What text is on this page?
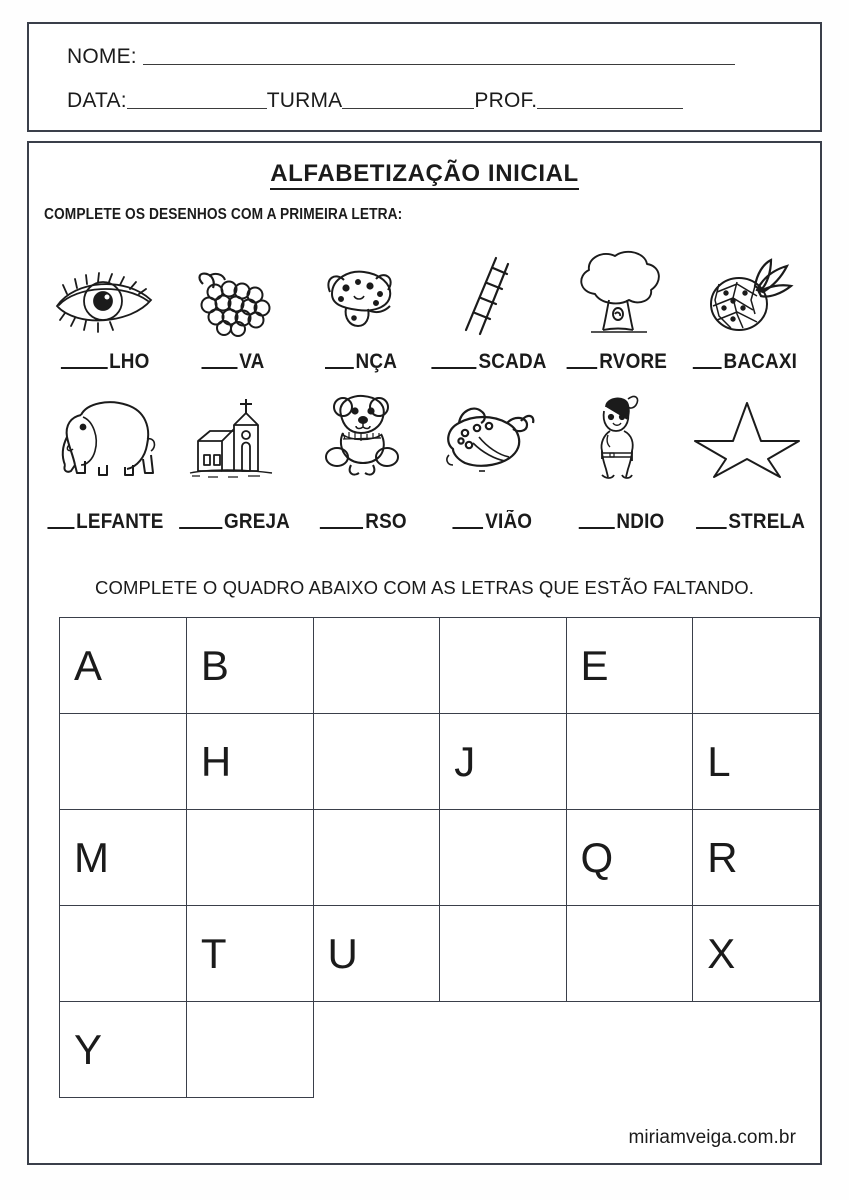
NOME:
DATA:	TURMA	PROF.
ALFABETIZAÇÃO INICIAL
COMPLETE OS DESENHOS COM A PRIMEIRA LETRA:
LHO	VA	NÇA	SCADA	RVORE	BACAXI
LEFANTE	GREJA	RSO	VIÃO	NDIO	STRELA
COMPLETE O QUADRO ABAIXO COM AS LETRAS QUE ESTÃO FALTANDO.
A	B			E	
	H		J		L
M				Q	R
	T	U			X
Y					
miriamveiga.com.br
